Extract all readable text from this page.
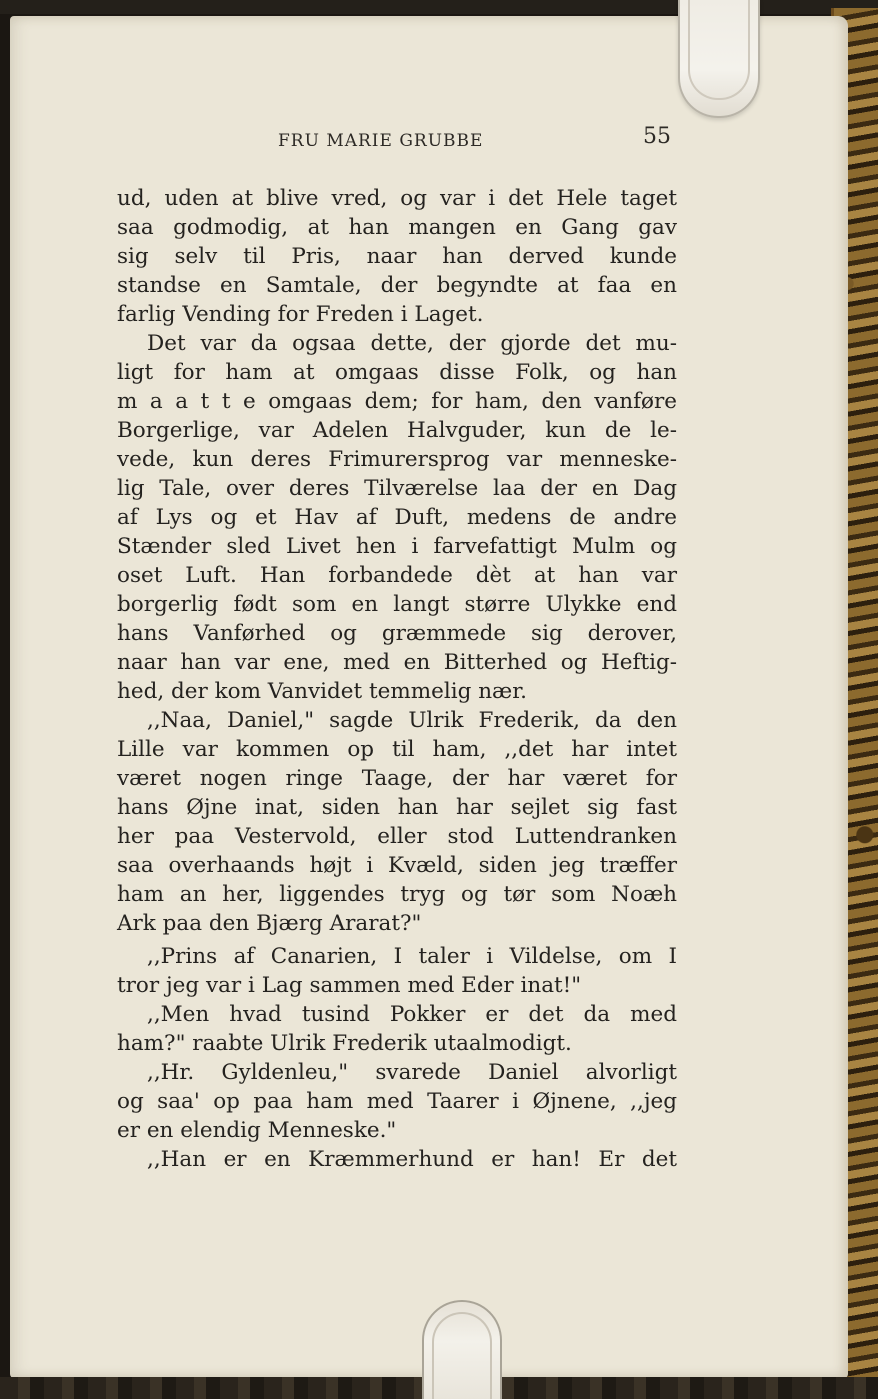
FRU MARIE GRUBBE	55
ud, uden at blive vred, og var i det Hele taget
saa godmodig, at han mangen en Gang gav
sig selv til Pris, naar han derved kunde
standse en Samtale, der begyndte at faa en
farlig Vending for Freden i Laget.
Det var da ogsaa dette, der gjorde det mu-
ligt for ham at omgaas disse Folk, og han
m a a t t e omgaas dem; for ham, den vanføre
Borgerlige, var Adelen Halvguder, kun de le-
vede, kun deres Frimurersprog var menneske-
lig Tale, over deres Tilværelse laa der en Dag
af Lys og et Hav af Duft, medens de andre
Stænder sled Livet hen i farvefattigt Mulm og
oset Luft. Han forbandede dèt at han var
borgerlig født som en langt større Ulykke end
hans Vanførhed og græmmede sig derover,
naar han var ene, med en Bitterhed og Heftig-
hed, der kom Vanvidet temmelig nær.
,,Naa, Daniel," sagde Ulrik Frederik, da den
Lille var kommen op til ham, ,,det har intet
været nogen ringe Taage, der har været for
hans Øjne inat, siden han har sejlet sig fast
her paa Vestervold, eller stod Luttendranken
saa overhaands højt i Kvæld, siden jeg træffer
ham an her, liggendes tryg og tør som Noæh
Ark paa den Bjærg Ararat?"
,,Prins af Canarien, I taler i Vildelse, om I
tror jeg var i Lag sammen med Eder inat!"
,,Men hvad tusind Pokker er det da med
ham?" raabte Ulrik Frederik utaalmodigt.
,,Hr. Gyldenleu," svarede Daniel alvorligt
og saa' op paa ham med Taarer i Øjnene, ,,jeg
er en elendig Menneske."
,,Han er en Kræmmerhund er han! Er det
